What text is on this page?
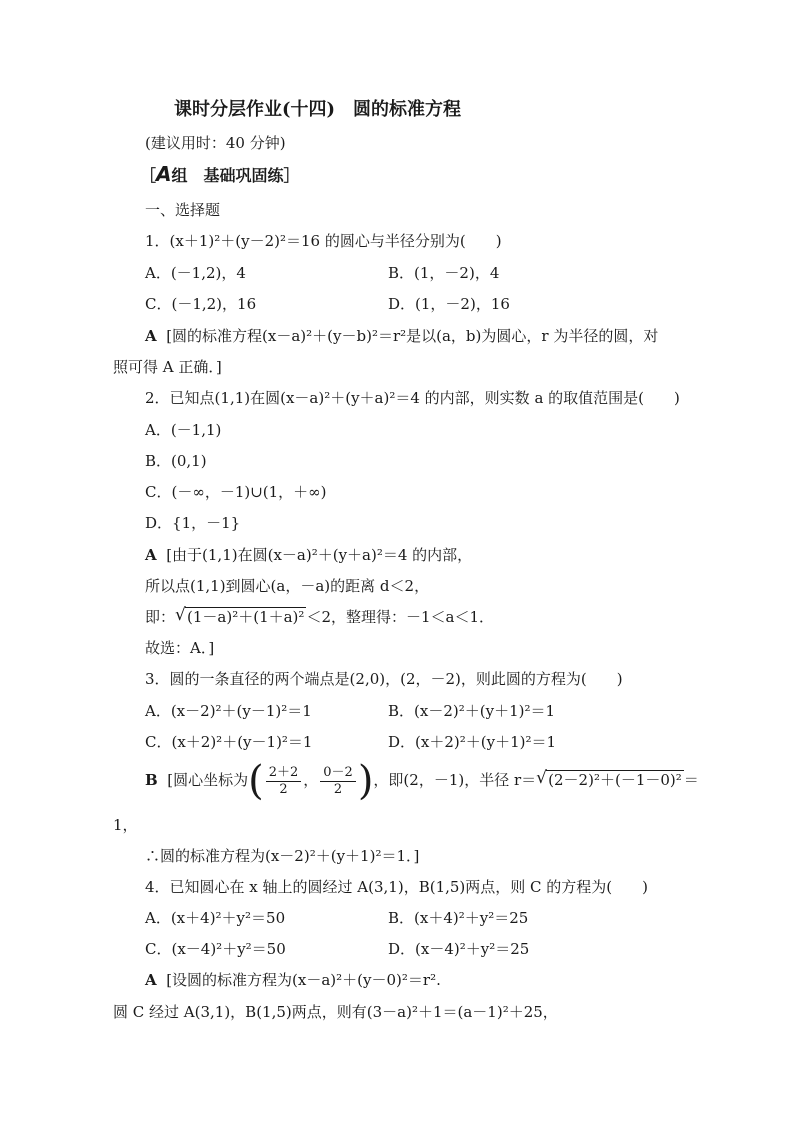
课时分层作业(十四) 圆的标准方程
(建议用时：40 分钟)
［A组　基础巩固练］
一、选择题
1．(x＋1)²＋(y－2)²＝16 的圆心与半径分别为(　　)
A．(－1,2)，4	B．(1，－2)，4
C．(－1,2)，16	D．(1，－2)，16
A [圆的标准方程(x－a)²＋(y－b)²＝r²是以(a，b)为圆心，r 为半径的圆，对
照可得 A 正确．]
2．已知点(1,1)在圆(x－a)²＋(y＋a)²＝4 的内部，则实数 a 的取值范围是(　　)
A．(－1,1)
B．(0,1)
C．(－∞，－1)∪(1，＋∞)
D．{1，－1}
A [由于(1,1)在圆(x－a)²＋(y＋a)²＝4 的内部，
所以点(1,1)到圆心(a，－a)的距离 d＜2，
即： √ (1－a)²＋(1＋a)² ＜2，整理得：－1＜a＜1．
故选：A．]
3．圆的一条直径的两个端点是(2,0)，(2，－2)，则此圆的方程为(　　)
A．(x－2)²＋(y－1)²＝1	B．(x－2)²＋(y＋1)²＝1
C．(x＋2)²＋(y－1)²＝1	D．(x＋2)²＋(y＋1)²＝1
B [圆心坐标为( $\frac{2+2}{2}$ ， $\frac{0-2}{2}$ )，即(2，－1)，半径 r＝ √ (2－2)²＋(－1－0)² ＝
1，
∴圆的标准方程为(x－2)²＋(y＋1)²＝1．]
4．已知圆心在 x 轴上的圆经过 A(3,1)，B(1,5)两点，则 C 的方程为(　　)
A．(x＋4)²＋y²＝50	B．(x＋4)²＋y²＝25
C．(x－4)²＋y²＝50	D．(x－4)²＋y²＝25
A [设圆的标准方程为(x－a)²＋(y－0)²＝r².
圆 C 经过 A(3,1)，B(1,5)两点，则有(3－a)²＋1＝(a－1)²＋25，
